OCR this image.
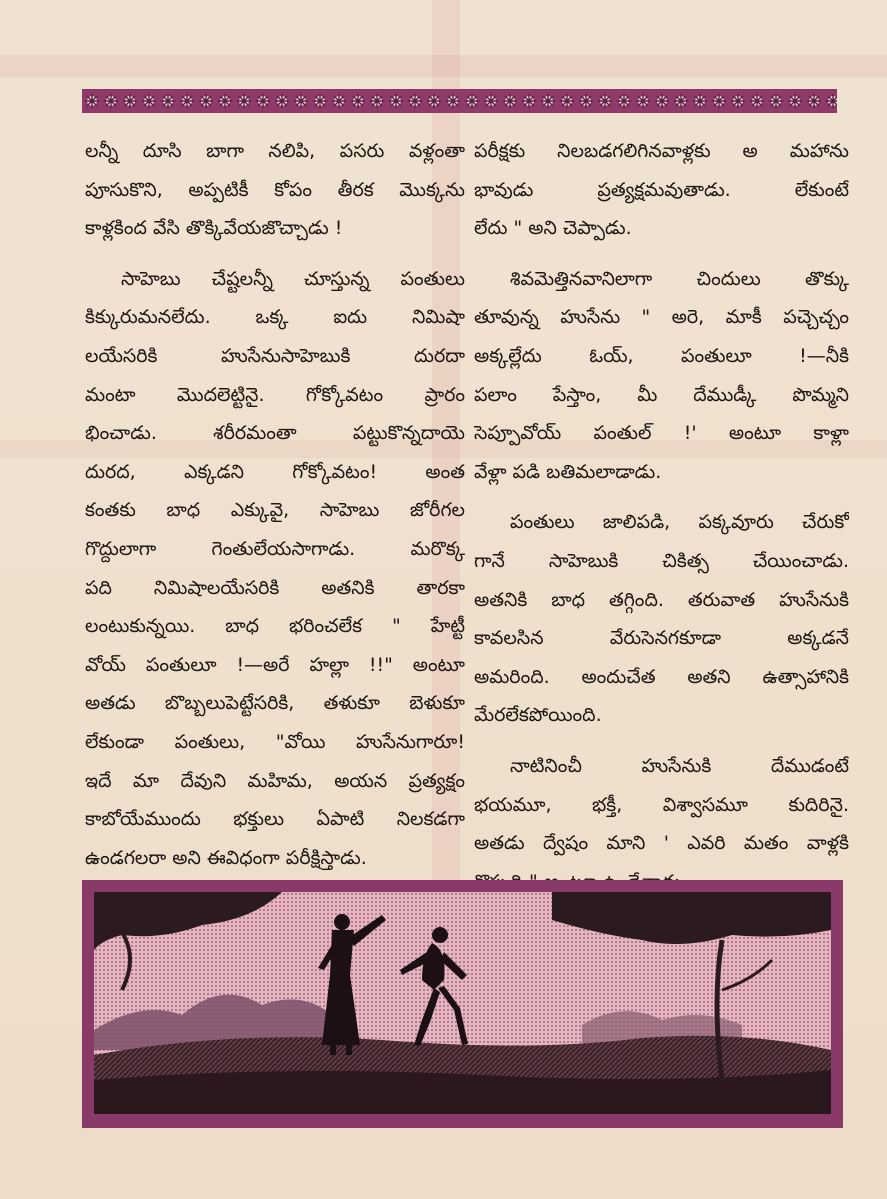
లన్నీ దూసి బాగా నలిపి, పసరు వళ్లంతా
పూసుకొని, అప్పటికీ కోపం తీరక మొక్కను
కాళ్లకింద వేసి తొక్కివేయజొచ్చాడు !
సాహెబు చేష్టలన్నీ చూస్తున్న పంతులు
కిక్కురుమనలేదు. ఒక్క ఐదు నిమిషా
లయేసరికి హుసేనుసాహెబుకి దురదా
మంటా మొదలెట్టినై. గోక్కోవటం ప్రారం
భించాడు. శరీరమంతా పట్టుకొన్నదాయె
దురద, ఎక్కడని గోక్కోవటం! అంత
కంతకు బాధ ఎక్కువై, సాహెబు జోరీగల
గొద్దులాగా గెంతులేయసాగాడు. మరొక్క
పది నిమిషాలయేసరికి అతనికి తారకా
లంటుకున్నయి. బాధ భరించలేక " హేట్టీ
వోయ్ పంతులూ !—అరే హల్లా !!" అంటూ
అతడు బొబ్బలుపెట్టేసరికి, తళుకూ బెళుకూ
లేకుండా పంతులు, "వోయి హుసేనుగారూ!
ఇదే మా దేవుని మహిమ, అయన ప్రత్యక్షం
కాబోయేముందు భక్తులు ఏపాటి నిలకడగా
ఉండగలరా అని ఈవిధంగా పరీక్షిస్తాడు.
పరీక్షకు నిలబడగలిగినవాళ్లకు అ మహాను
భావుడు ప్రత్యక్షమవుతాడు. లేకుంటే
లేదు " అని చెప్పాడు.
శివమెత్తినవానిలాగా చిందులు తొక్కు
తూవున్న హుసేను " అరె, మాకీ పచ్చెచ్చం
అక్కల్లేదు ఓయ్, పంతులూ !—నీకి
పలాం పేస్తాం, మీ దేముడ్కీ పొమ్మని
సెప్పూవోయ్ పంతుల్ !' అంటూ కాళ్లా
వేళ్లా పడి బతిమలాడాడు.
పంతులు జాలిపడి, పక్కవూరు చేరుకో
గానే సాహెబుకి చికిత్స చేయించాడు.
అతనికి బాధ తగ్గింది. తరువాత హుసేనుకి
కావలసిన వేరుసెనగకూడా అక్కడనే
అమరింది. అందుచేత అతని ఉత్సాహానికి
మేరలేకపోయింది.
నాటినించీ హుసేనుకి దేముడంటే
భయమూ, భక్తీ, విశ్వాసమూ కుదిరినై.
అతడు ద్వేషం మాని ' ఎవరి మతం వాళ్లకి
